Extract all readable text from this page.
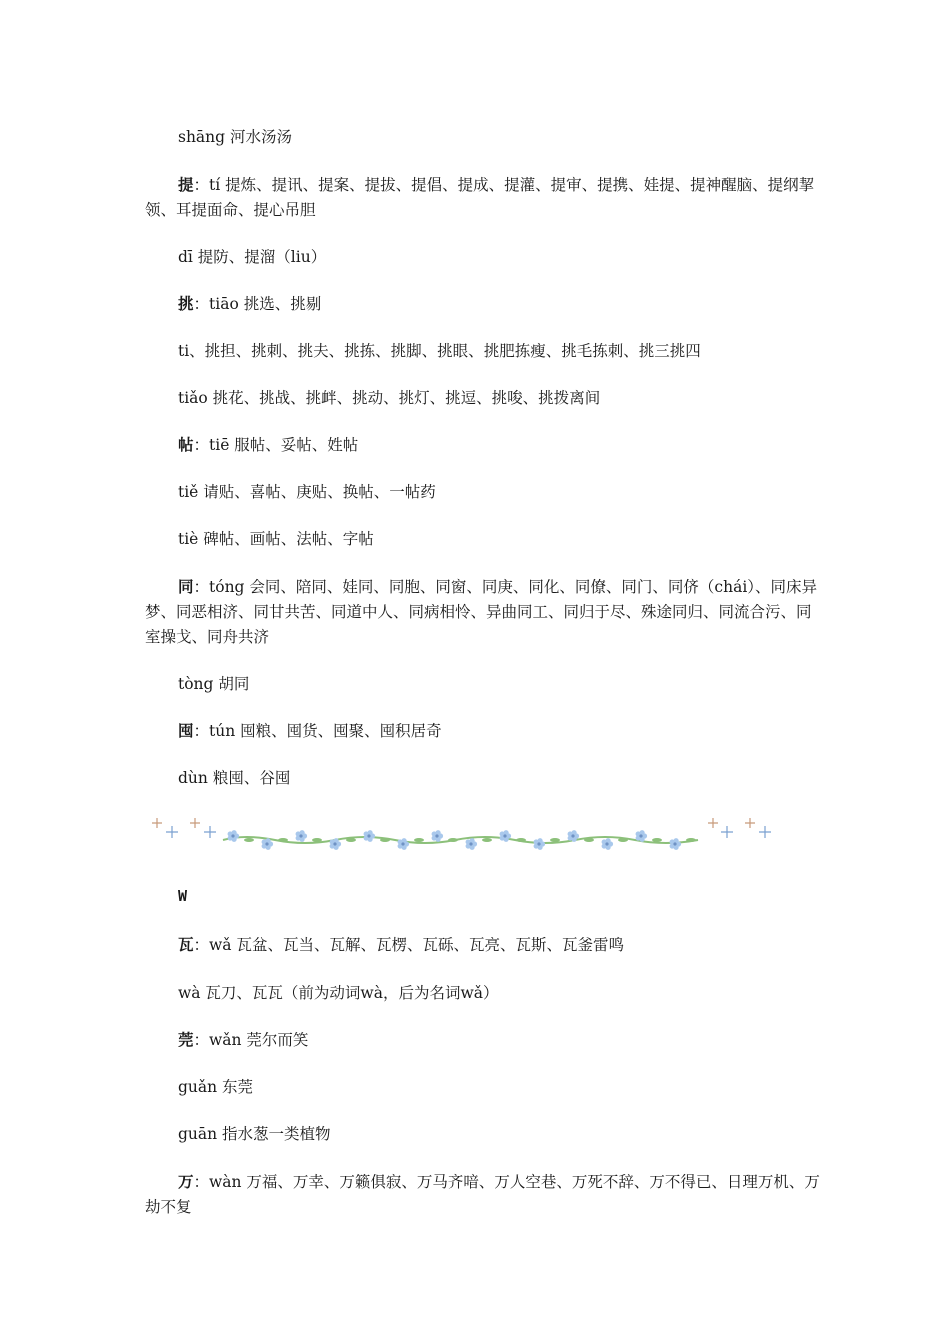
shāng 河水汤汤

提：tí 提炼、提讯、提案、提拔、提倡、提成、提灌、提审、提携、娃提、提神醒脑、提纲挈领、耳提面命、提心吊胆

dī 提防、提溜（liu）

挑：tiāo 挑选、挑剔

ti、挑担、挑刺、挑夫、挑拣、挑脚、挑眼、挑肥拣瘦、挑毛拣刺、挑三挑四

tiǎo 挑花、挑战、挑衅、挑动、挑灯、挑逗、挑唆、挑拨离间

帖：tiē 服帖、妥帖、姓帖

tiě 请贴、喜帖、庚贴、换帖、一帖药

tiè 碑帖、画帖、法帖、字帖

同：tóng 会同、陪同、娃同、同胞、同窗、同庚、同化、同僚、同门、同侪（chái）、同床异梦、同恶相济、同甘共苦、同道中人、同病相怜、异曲同工、同归于尽、殊途同归、同流合污、同室操戈、同舟共济

tòng 胡同

囤：tún 囤粮、囤货、囤聚、囤积居奇

dùn 粮囤、谷囤

W

瓦：wǎ 瓦盆、瓦当、瓦解、瓦楞、瓦砾、瓦亮、瓦斯、瓦釜雷鸣

wà 瓦刀、瓦瓦（前为动词wà，后为名词wǎ）

莞：wǎn 莞尔而笑

guǎn 东莞

guān 指水葱一类植物

万：wàn 万福、万幸、万籁俱寂、万马齐喑、万人空巷、万死不辞、万不得已、日理万机、万劫不复
